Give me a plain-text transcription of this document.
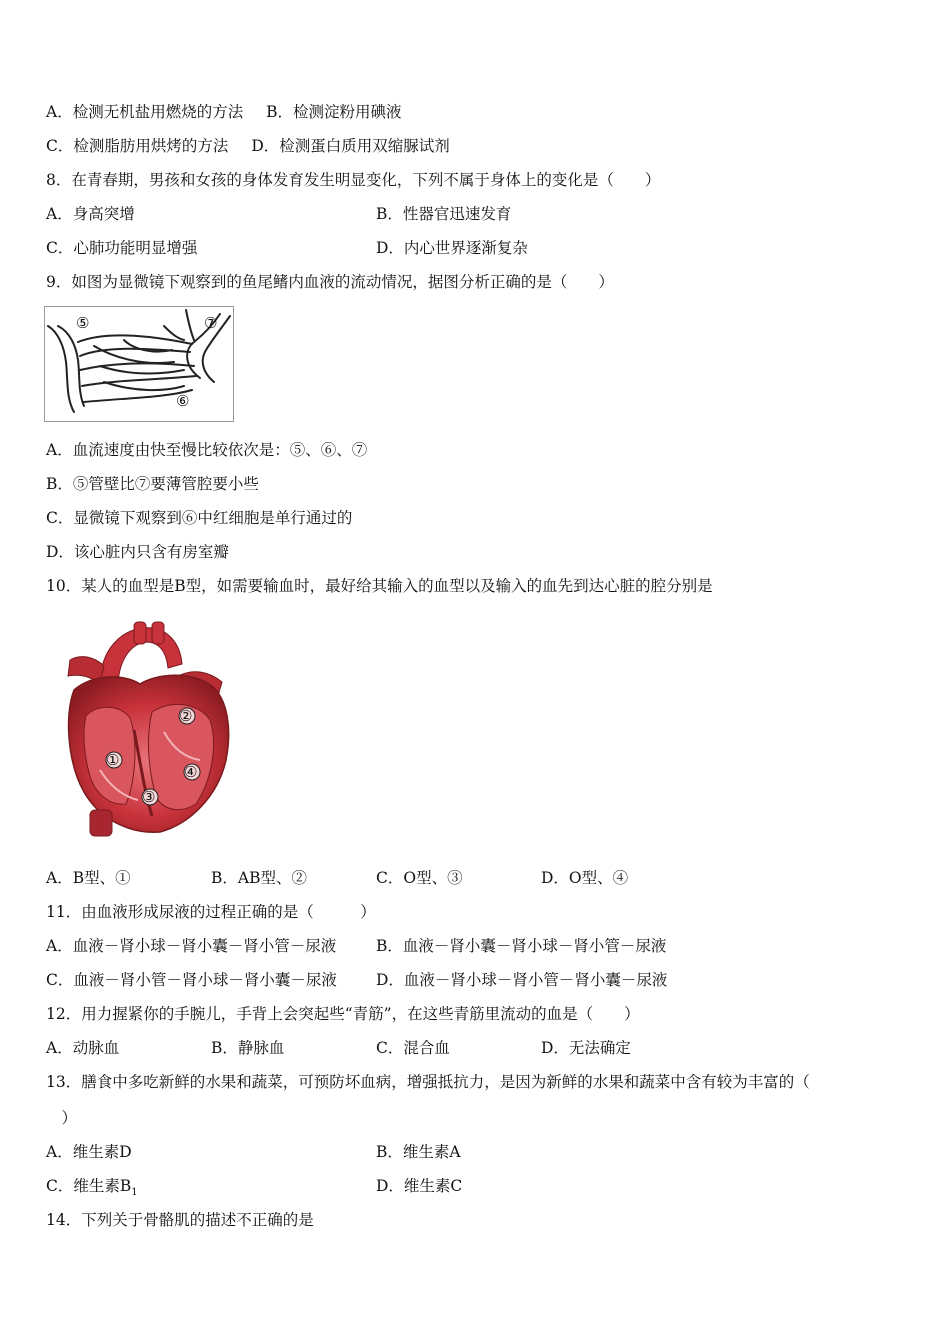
A．检测无机盐用燃烧的方法 B．检测淀粉用碘液
C．检测脂肪用烘烤的方法 D．检测蛋白质用双缩脲试剂
8．在青春期，男孩和女孩的身体发育发生明显变化，下列不属于身体上的变化是（　　）
A．身高突增	B．性器官迅速发育
C．心肺功能明显增强	D．内心世界逐渐复杂
9．如图为显微镜下观察到的鱼尾鳍内血液的流动情况，据图分析正确的是（　　）
⑤	⑦
⑥
A．血流速度由快至慢比较依次是：⑤、⑥、⑦
B．⑤管壁比⑦要薄管腔要小些
C．显微镜下观察到⑥中红细胞是单行通过的
D．该心脏内只含有房室瓣
10．某人的血型是B型，如需要输血时，最好给其输入的血型以及输入的血先到达心脏的腔分别是
①
②
③
④
A．B型、①	B．AB型、②	C．O型、③	D．O型、④
11．由血液形成尿液的过程正确的是（　　　）
A．血液－肾小球－肾小囊－肾小管－尿液	B．血液－肾小囊－肾小球－肾小管－尿液
C．血液－肾小管－肾小球－肾小囊－尿液	D．血液－肾小球－肾小管－肾小囊－尿液
12．用力握紧你的手腕儿，手背上会突起些“青筋”，在这些青筋里流动的血是（　　）
A．动脉血	B．静脉血	C．混合血	D．无法确定
13．膳食中多吃新鲜的水果和蔬菜，可预防坏血病，增强抵抗力，是因为新鲜的水果和蔬菜中含有较为丰富的（
　）
A．维生素D	B．维生素A
C．维生素$B_1$	D．维生素C
14．下列关于骨骼肌的描述不正确的是
